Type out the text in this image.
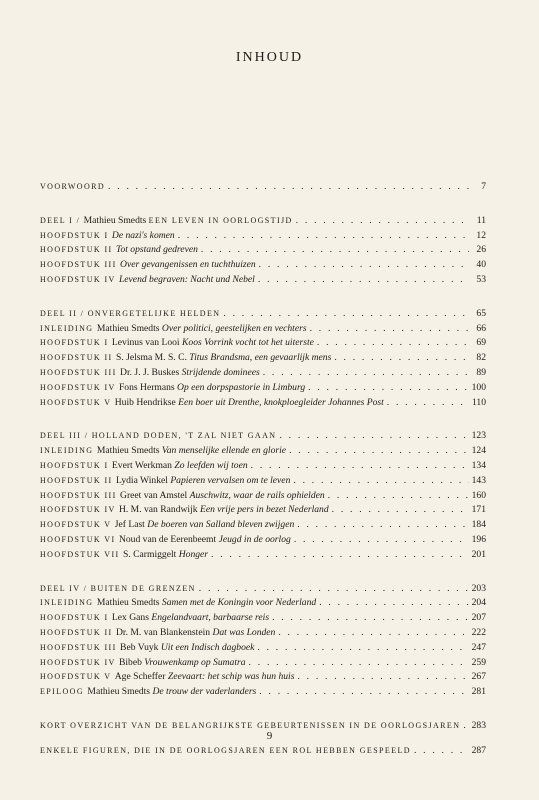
INHOUD
VOORWOORD . . .	7
DEEL I / Mathieu Smedts EEN LEVEN IN OORLOGSTIJD . . .	11
HOOFDSTUK I De nazi's komen . . .	12
HOOFDSTUK II Tot opstand gedreven . . .	26
HOOFDSTUK III Over gevangenissen en tuchthuizen . . .	40
HOOFDSTUK IV Levend begraven: Nacht und Nebel . . .	53
DEEL II / ONVERGETELIJKE HELDEN . . .	65
INLEIDING Mathieu Smedts Over politici, geestelijken en vechters . . .	66
HOOFDSTUK I Levinus van Looi Koos Vorrink vocht tot het uiterste . . .	69
HOOFDSTUK II S. Jelsma M. S. C. Titus Brandsma, een gevaarlijk mens . . .	82
HOOFDSTUK III Dr. J. J. Buskes Strijdende dominees . . .	89
HOOFDSTUK IV Fons Hermans Op een dorpspastorie in Limburg . . .	100
HOOFDSTUK V Huib Hendrikse Een boer uit Drenthe, knokploegleider Johannes Post . . .	110
DEEL III / HOLLAND DODEN, 'T ZAL NIET GAAN . . .	123
INLEIDING Mathieu Smedts Van menselijke ellende en glorie . . .	124
HOOFDSTUK I Evert Werkman Zo leefden wij toen . . .	134
HOOFDSTUK II Lydia Winkel Papieren vervalsen om te leven . . .	143
HOOFDSTUK III Greet van Amstel Auschwitz, waar de rails ophielden . . .	160
HOOFDSTUK IV H. M. van Randwijk Een vrije pers in bezet Nederland . . .	171
HOOFDSTUK V Jef Last De boeren van Salland bleven zwijgen . . .	184
HOOFDSTUK VI Noud van de Eerenbeemt Jeugd in de oorlog . . .	196
HOOFDSTUK VII S. Carmiggelt Honger . . .	201
DEEL IV / BUITEN DE GRENZEN . . .	203
INLEIDING Mathieu Smedts Samen met de Koningin voor Nederland . . .	204
HOOFDSTUK I Lex Gans Engelandvaart, barbaarse reis . . .	207
HOOFDSTUK II Dr. M. van Blankenstein Dat was Londen . . .	222
HOOFDSTUK III Beb Vuyk Uit een Indisch dagboek . . .	247
HOOFDSTUK IV Bibeb Vrouwenkamp op Sumatra . . .	259
HOOFDSTUK V Age Scheffer Zeevaart: het schip was hun huis . . .	267
EPILOOG Mathieu Smedts De trouw der vaderlanders . . .	281
KORT OVERZICHT VAN DE BELANGRIJKSTE GEBEURTENISSEN IN DE OORLOGSJAREN . . . 283
ENKELE FIGUREN, DIE IN DE OORLOGSJAREN EEN ROL HEBBEN GESPEELD . . .	287
9
